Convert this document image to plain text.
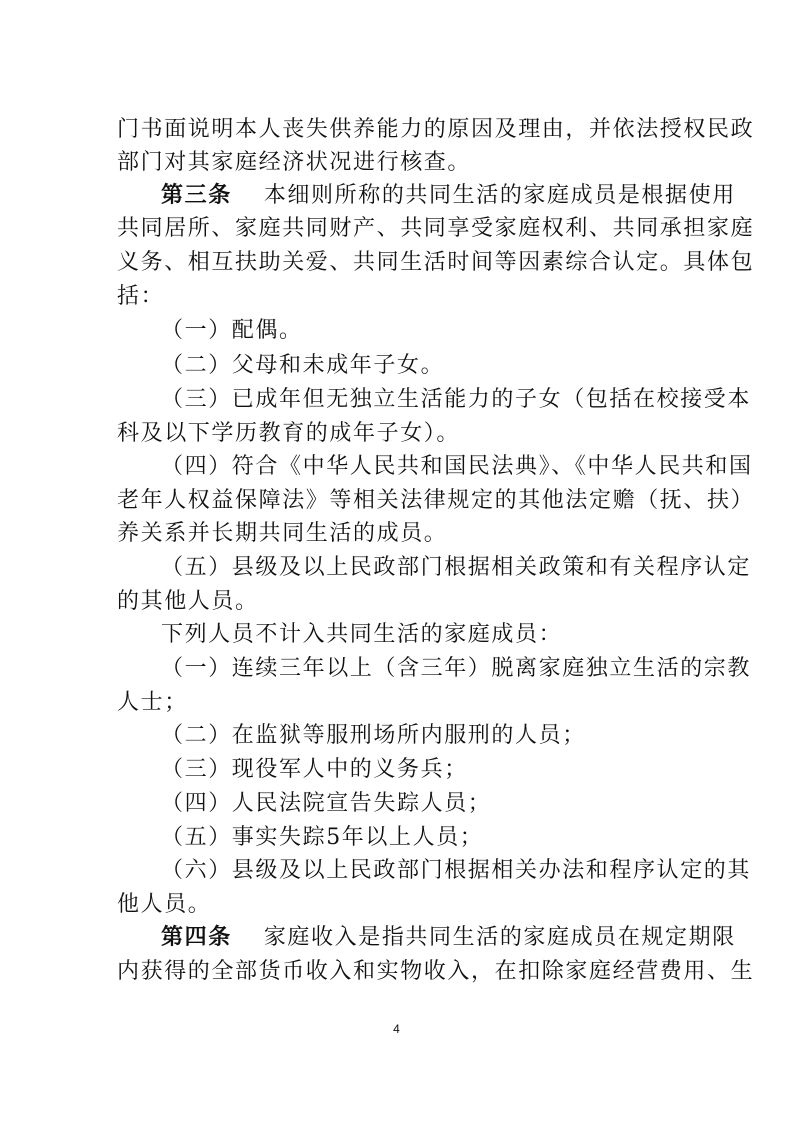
门书面说明本人丧失供养能力的原因及理由，并依法授权民政
部门对其家庭经济状况进行核查。
第三条 本细则所称的共同生活的家庭成员是根据使用
共同居所、家庭共同财产、共同享受家庭权利、共同承担家庭
义务、相互扶助关爱、共同生活时间等因素综合认定。具体包
括：
（一）配偶。
（二）父母和未成年子女。
（三）已成年但无独立生活能力的子女（包括在校接受本
科及以下学历教育的成年子女）。
（四）符合《中华人民共和国民法典》、《中华人民共和国
老年人权益保障法》等相关法律规定的其他法定赡（抚、扶）
养关系并长期共同生活的成员。
（五）县级及以上民政部门根据相关政策和有关程序认定
的其他人员。
下列人员不计入共同生活的家庭成员：
（一）连续三年以上（含三年）脱离家庭独立生活的宗教
人士；
（二）在监狱等服刑场所内服刑的人员；
（三）现役军人中的义务兵；
（四）人民法院宣告失踪人员；
（五）事实失踪5年以上人员；
（六）县级及以上民政部门根据相关办法和程序认定的其
他人员。
第四条 家庭收入是指共同生活的家庭成员在规定期限
内获得的全部货币收入和实物收入，在扣除家庭经营费用、生
4
